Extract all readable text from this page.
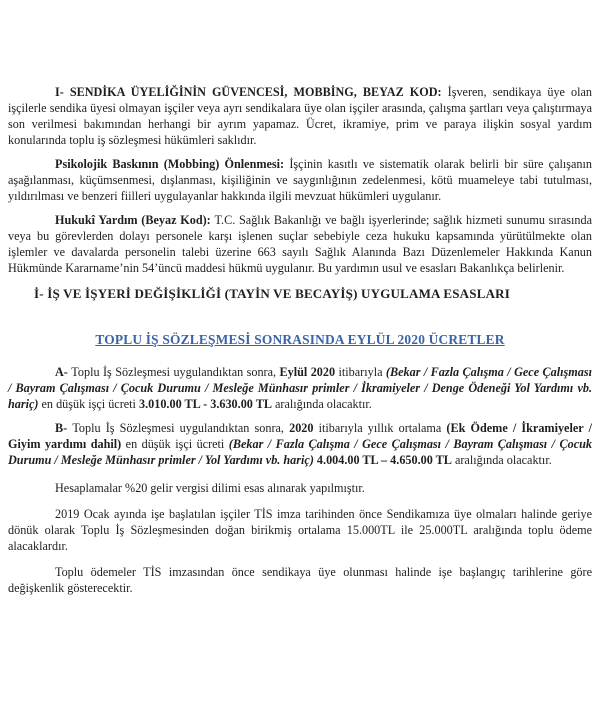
I- SENDİKA ÜYELİĞİNİN GÜVENCESİ, MOBBİNG, BEYAZ KOD: İşveren, sendikaya üye olan işçilerle sendika üyesi olmayan işçiler veya ayrı sendikalara üye olan işçiler arasında, çalışma şartları veya çalıştırmaya son verilmesi bakımından herhangi bir ayrım yapamaz. Ücret, ikramiye, prim ve paraya ilişkin sosyal yardım konularında toplu iş sözleşmesi hükümleri saklıdır.

Psikolojik Baskının (Mobbing) Önlenmesi: İşçinin kasıtlı ve sistematik olarak belirli bir süre çalışanın aşağılanması, küçümsenmesi, dışlanması, kişiliğinin ve saygınlığının zedelenmesi, kötü muameleye tabi tutulması, yıldırılması ve benzeri fiilleri uygulayanlar hakkında ilgili mevzuat hükümleri uygulanır.

Hukukî Yardım (Beyaz Kod): T.C. Sağlık Bakanlığı ve bağlı işyerlerinde; sağlık hizmeti sunumu sırasında veya bu görevlerden dolayı personele karşı işlenen suçlar sebebiyle ceza hukuku kapsamında yürütülmekte olan işlemler ve davalarda personelin talebi üzerine 663 sayılı Sağlık Alanında Bazı Düzenlemeler Hakkında Kanun Hükmünde Kararname’nin 54’üncü maddesi hükmü uygulanır. Bu yardımın usul ve esasları Bakanlıkça belirlenir.

İ- İŞ VE İŞYERİ DEĞİŞİKLİĞİ (TAYİN VE BECAYİŞ) UYGULAMA ESASLARI

TOPLU İŞ SÖZLEŞMESİ SONRASINDA EYLÜL 2020 ÜCRETLER

A- Toplu İş Sözleşmesi uygulandıktan sonra, Eylül 2020 itibarıyla (Bekar / Fazla Çalışma / Gece Çalışması / Bayram Çalışması / Çocuk Durumu / Mesleğe Münhasır primler / İkramiyeler / Denge Ödeneği Yol Yardımı vb. hariç) en düşük işçi ücreti 3.010.00 TL - 3.630.00 TL aralığında olacaktır.

B- Toplu İş Sözleşmesi uygulandıktan sonra, 2020 itibarıyla yıllık ortalama (Ek Ödeme / İkramiyeler / Giyim yardımı dahil) en düşük işçi ücreti (Bekar / Fazla Çalışma / Gece Çalışması / Bayram Çalışması / Çocuk Durumu / Mesleğe Münhasır primler / Yol Yardımı vb. hariç) 4.004.00 TL – 4.650.00 TL aralığında olacaktır.

Hesaplamalar %20 gelir vergisi dilimi esas alınarak yapılmıştır.

2019 Ocak ayında işe başlatılan işçiler TİS imza tarihinden önce Sendikamıza üye olmaları halinde geriye dönük olarak Toplu İş Sözleşmesinden doğan birikmiş ortalama 15.000TL ile 25.000TL aralığında toplu ödeme alacaklardır.

Toplu ödemeler TİS imzasından önce sendikaya üye olunması halinde işe başlangıç tarihlerine göre değişkenlik gösterecektir.
